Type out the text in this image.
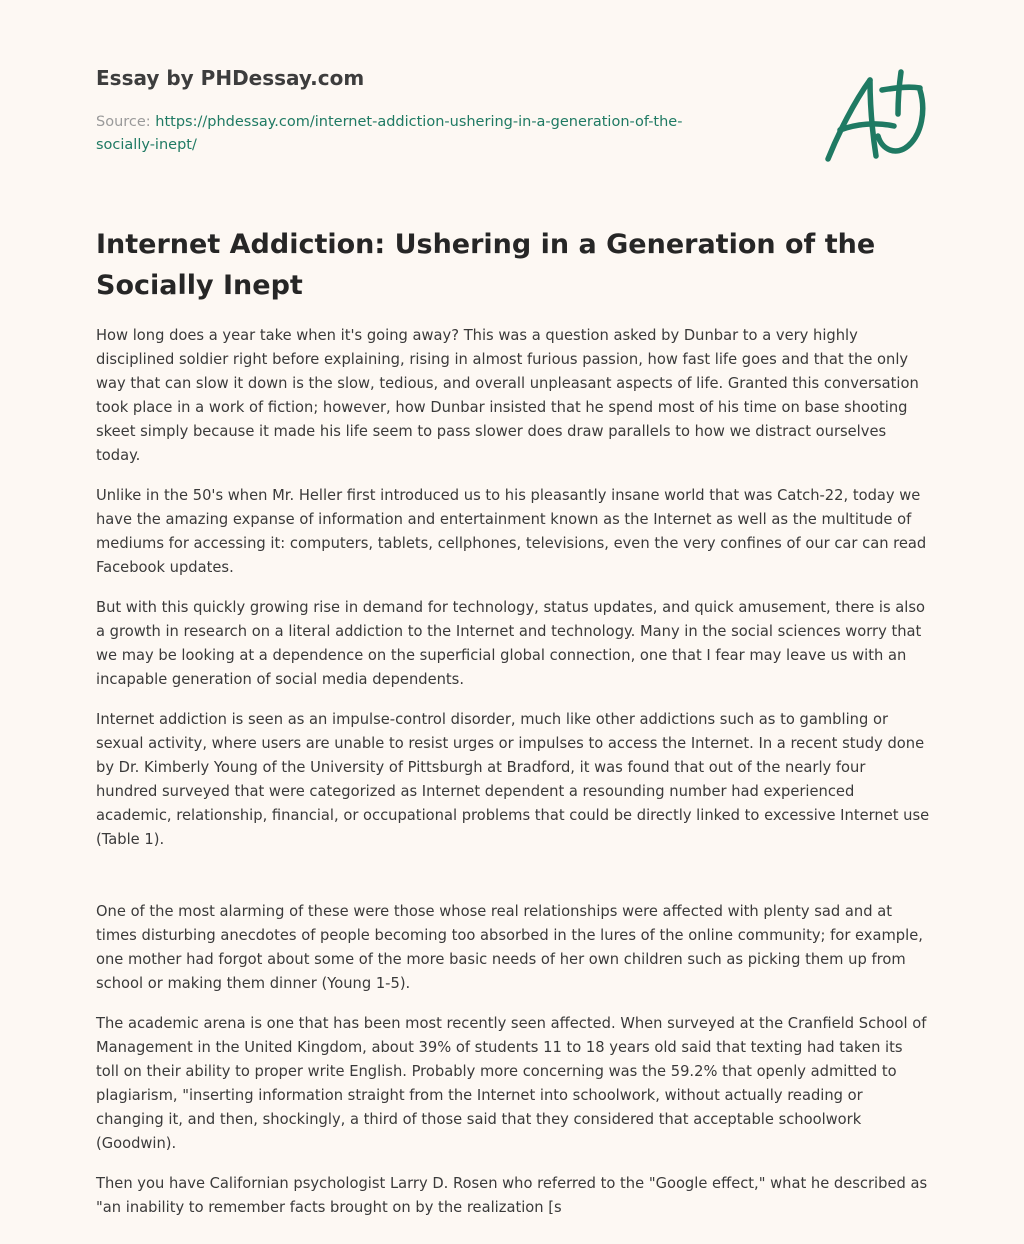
Essay by PHDessay.com

Source: https://phdessay.com/internet-addiction-ushering-in-a-generation-of-the-socially-inept/

Internet Addiction: Ushering in a Generation of the Socially Inept

How long does a year take when it's going away? This was a question asked by Dunbar to a very highly disciplined soldier right before explaining, rising in almost furious passion, how fast life goes and that the only way that can slow it down is the slow, tedious, and overall unpleasant aspects of life. Granted this conversation took place in a work of fiction; however, how Dunbar insisted that he spend most of his time on base shooting skeet simply because it made his life seem to pass slower does draw parallels to how we distract ourselves today.

Unlike in the 50's when Mr. Heller first introduced us to his pleasantly insane world that was Catch-22, today we have the amazing expanse of information and entertainment known as the Internet as well as the multitude of mediums for accessing it: computers, tablets, cellphones, televisions, even the very confines of our car can read Facebook updates.

But with this quickly growing rise in demand for technology, status updates, and quick amusement, there is also a growth in research on a literal addiction to the Internet and technology. Many in the social sciences worry that we may be looking at a dependence on the superficial global connection, one that I fear may leave us with an incapable generation of social media dependents.

Internet addiction is seen as an impulse-control disorder, much like other addictions such as to gambling or sexual activity, where users are unable to resist urges or impulses to access the Internet. In a recent study done by Dr. Kimberly Young of the University of Pittsburgh at Bradford, it was found that out of the nearly four hundred surveyed that were categorized as Internet dependent a resounding number had experienced academic, relationship, financial, or occupational problems that could be directly linked to excessive Internet use (Table 1).

One of the most alarming of these were those whose real relationships were affected with plenty sad and at times disturbing anecdotes of people becoming too absorbed in the lures of the online community; for example, one mother had forgot about some of the more basic needs of her own children such as picking them up from school or making them dinner (Young 1-5).

The academic arena is one that has been most recently seen affected. When surveyed at the Cranfield School of Management in the United Kingdom, about 39% of students 11 to 18 years old said that texting had taken its toll on their ability to proper write English. Probably more concerning was the 59.2% that openly admitted to plagiarism, "inserting information straight from the Internet into schoolwork, without actually reading or changing it, and then, shockingly, a third of those said that they considered that acceptable schoolwork (Goodwin).

Then you have Californian psychologist Larry D. Rosen who referred to the "Google effect," what he described as "an inability to remember facts brought on by the realization [s
